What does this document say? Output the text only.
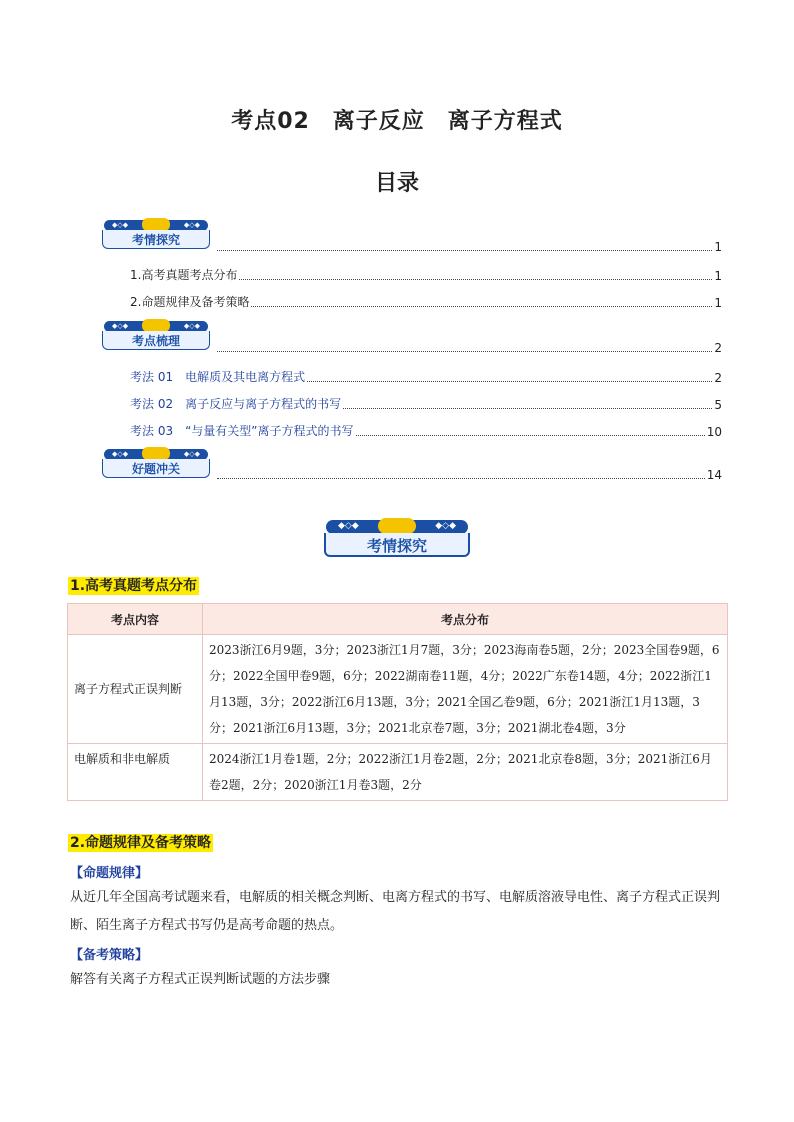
考点02　离子反应　离子方程式
目录
◆◇◆	◆◇◆
考情探究	1
1.高考真题考点分布	1
2.命题规律及备考策略	1
◆◇◆	◆◇◆
考点梳理	2
考法 01 电解质及其电离方程式	2
考法 02 离子反应与离子方程式的书写	5
考法 03 “与量有关型”离子方程式的书写	10
◆◇◆	◆◇◆
好题冲关	14
◆◇◆	◆◇◆
考情探究
1.高考真题考点分布
考点内容	考点分布
离子方程式正误判断	2023浙江6月9题，3分；2023浙江1月7题，3分；2023海南卷5题，2分；2023全国卷9题，6分；2022全国甲卷9题，6分；2022湖南卷11题，4分；2022广东卷14题，4分；2022浙江1月13题，3分；2022浙江6月13题，3分；2021全国乙卷9题，6分；2021浙江1月13题，3分；2021浙江6月13题，3分；2021北京卷7题，3分；2021湖北卷4题，3分
电解质和非电解质	2024浙江1月卷1题，2分；2022浙江1月卷2题，2分；2021北京卷8题，3分；2021浙江6月卷2题，2分；2020浙江1月卷3题，2分
2.命题规律及备考策略
【命题规律】
从近几年全国高考试题来看，电解质的相关概念判断、电离方程式的书写、电解质溶液导电性、离子方程式正误判断、陌生离子方程式书写仍是高考命题的热点。
【备考策略】
解答有关离子方程式正误判断试题的方法步骤
